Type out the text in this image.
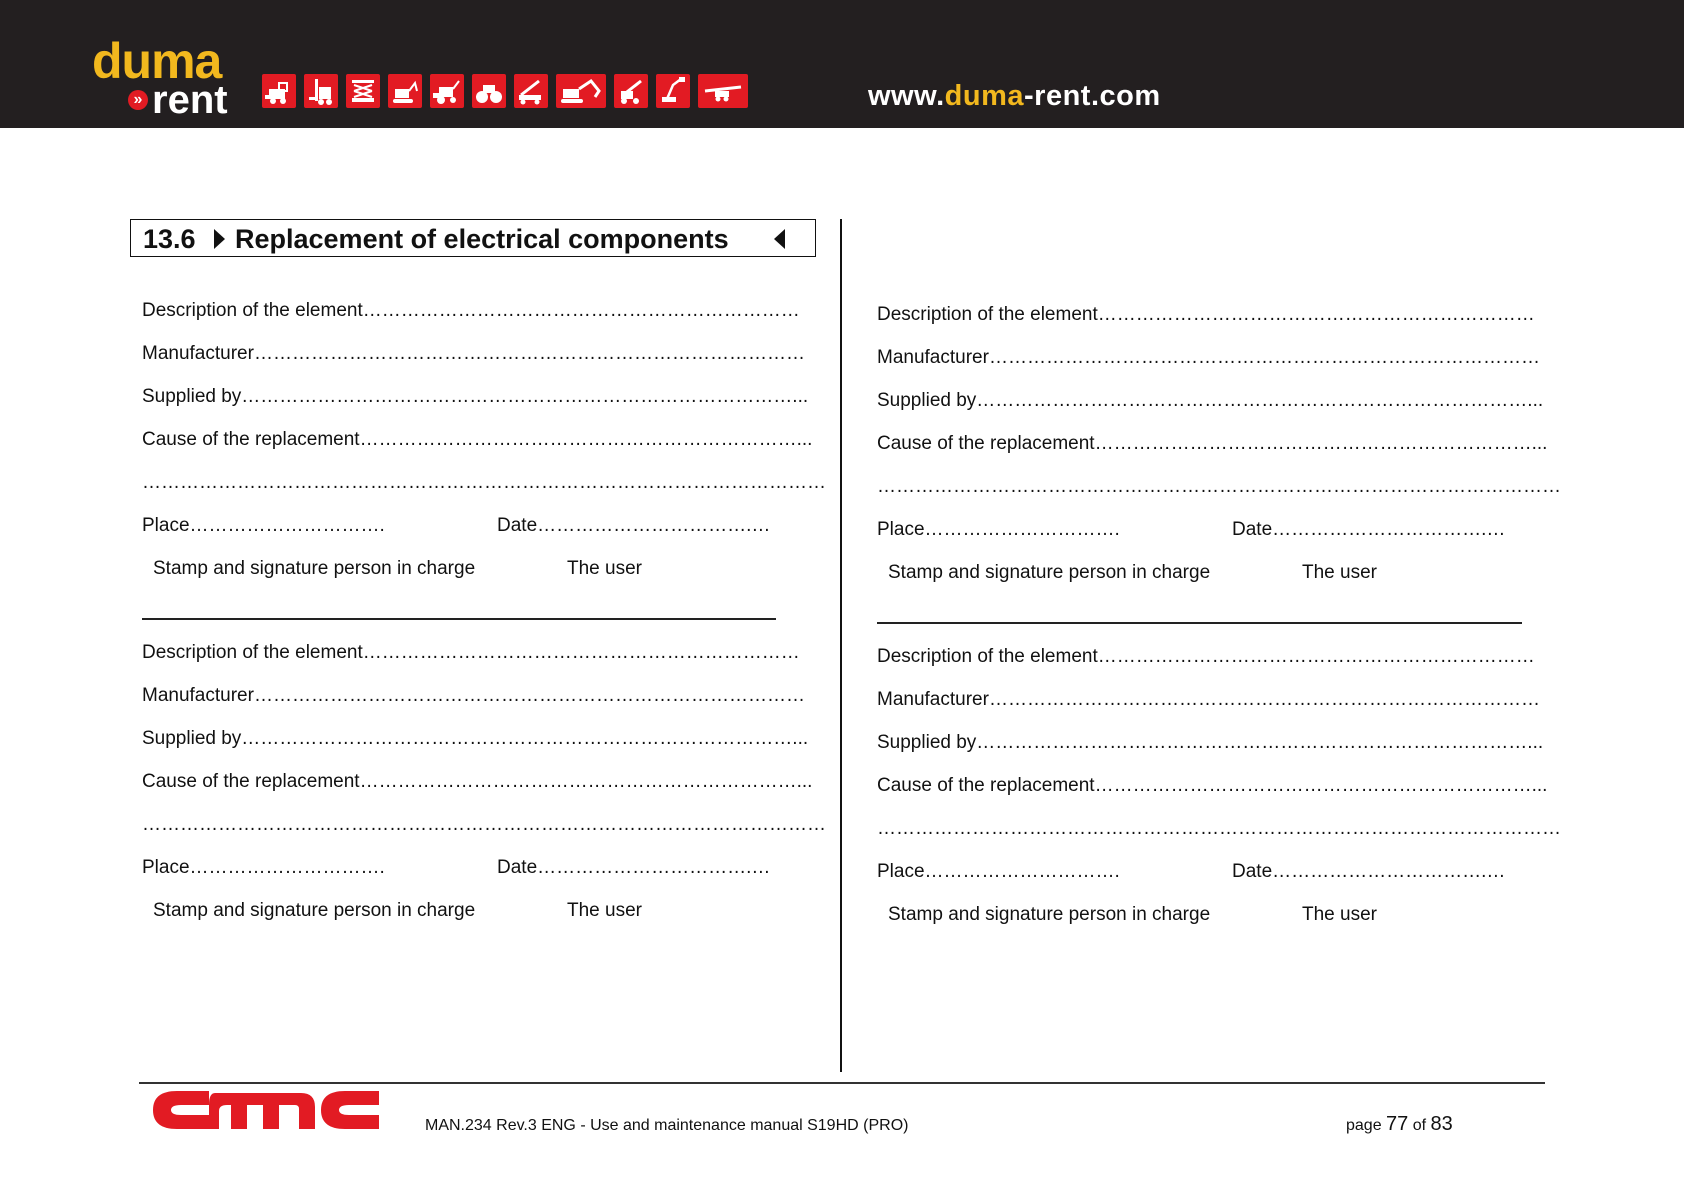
duma
» rent	www.duma-rent.com
13.6 Replacement of electrical components
Description of the element……………………………………………………………
Manufacturer……………………………………………………………………………
Supplied by……………………………………………………………………………...
Cause of the replacement……………………………………………………………...
………………………………………………………………………………………………
Place………………………….	Date…………………………….…
Stamp and signature person in charge	The user
Description of the element……………………………………………………………
Manufacturer……………………………………………………………………………
Supplied by……………………………………………………………………………...
Cause of the replacement……………………………………………………………...
………………………………………………………………………………………………
Place………………………….	Date…………………………….…
Stamp and signature person in charge	The user
Description of the element……………………………………………………………
Manufacturer……………………………………………………………………………
Supplied by……………………………………………………………………………...
Cause of the replacement……………………………………………………………...
………………………………………………………………………………………………
Place………………………….	Date…………………………….…
Stamp and signature person in charge	The user
Description of the element……………………………………………………………
Manufacturer……………………………………………………………………………
Supplied by……………………………………………………………………………...
Cause of the replacement……………………………………………………………...
………………………………………………………………………………………………
Place………………………….	Date…………………………….…
Stamp and signature person in charge	The user
MAN.234 Rev.3 ENG - Use and maintenance manual S19HD (PRO)	page 77 of 83
